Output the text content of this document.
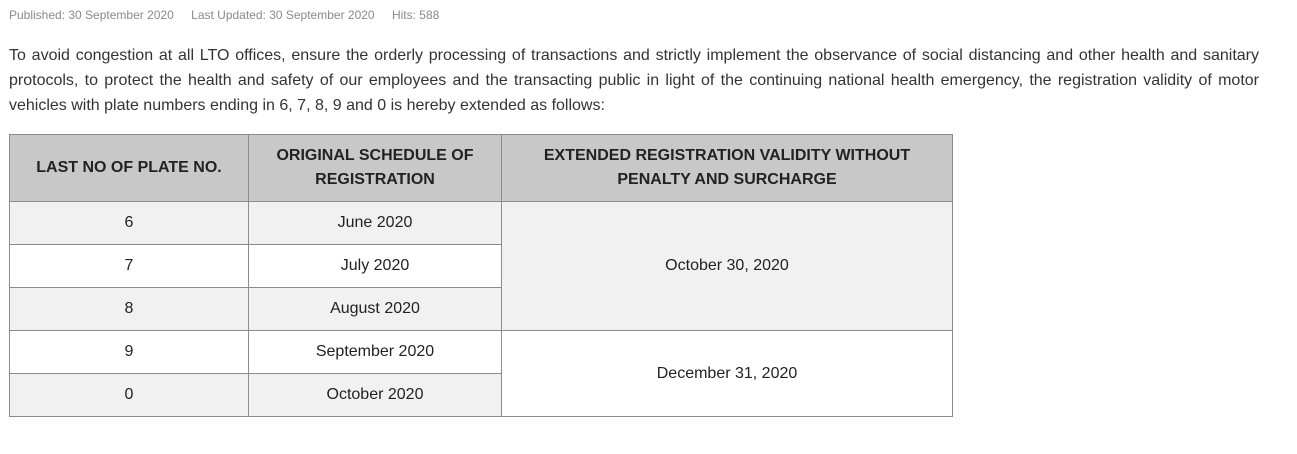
Published: 30 September 2020 Last Updated: 30 September 2020 Hits: 588

To avoid congestion at all LTO offices, ensure the orderly processing of transactions and strictly implement the observance of social distancing and other health and sanitary protocols, to protect the health and safety of our employees and the transacting public in light of the continuing national health emergency, the registration validity of motor vehicles with plate numbers ending in 6, 7, 8, 9 and 0 is hereby extended as follows:

LAST NO OF PLATE NO.	ORIGINAL SCHEDULE OF REGISTRATION	EXTENDED REGISTRATION VALIDITY WITHOUT PENALTY AND SURCHARGE
6	June 2020	October 30, 2020
7	July 2020	
8	August 2020	
9	September 2020	December 31, 2020
0	October 2020	
